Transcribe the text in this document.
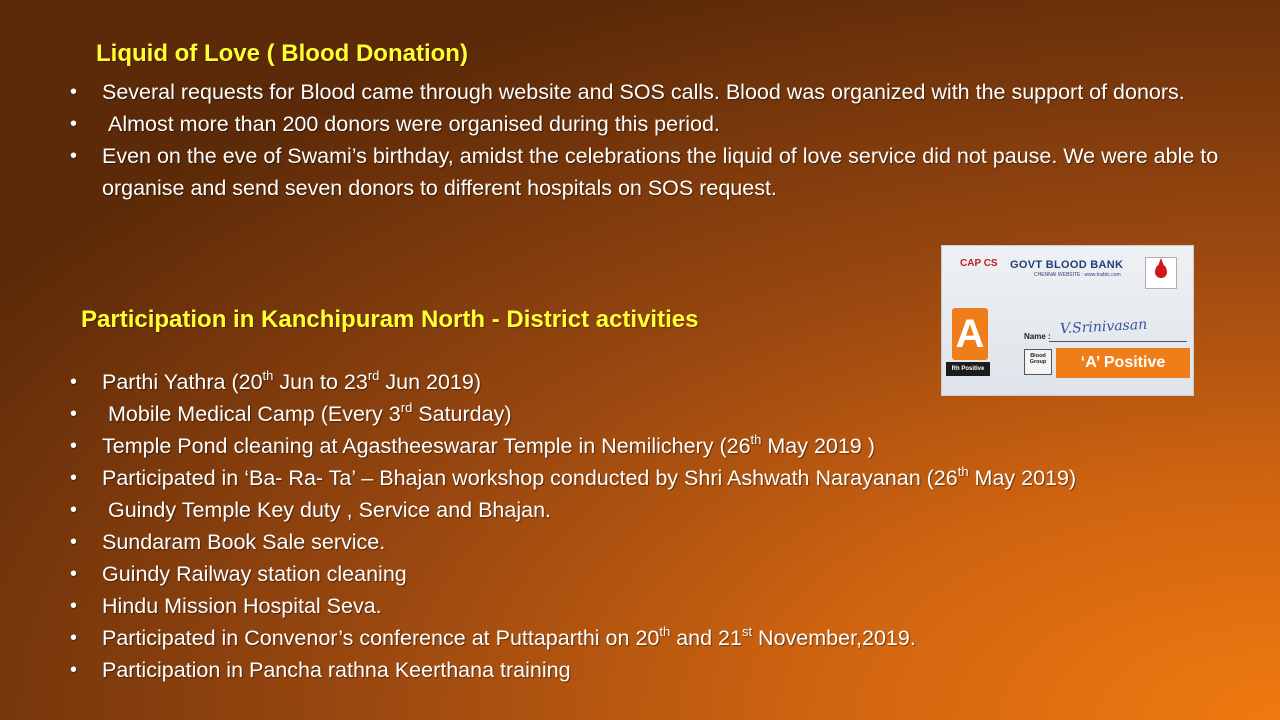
Liquid of Love ( Blood Donation)
• Several requests for Blood came through website and SOS calls. Blood was organized with the support of donors.
• Almost more than 200 donors were organised during this period.
• Even on the eve of Swami’s birthday, amidst the celebrations the liquid of love service did not pause. We were able to organise and send seven donors to different hospitals on SOS request.
CAP CS GOVT BLOOD BANK
CHENNAI WEBSITE : www.tnsbtc.com
A
Rh Positive
Name : V.Srinivasan
Blood Group	‘A’ Positive
Participation in Kanchipuram North - District activities
• Parthi Yathra (20th Jun to 23rd Jun 2019)
• Mobile Medical Camp (Every 3rd Saturday)
• Temple Pond cleaning at Agastheeswarar Temple in Nemilichery (26th May 2019 )
• Participated in ‘Ba- Ra- Ta’ – Bhajan workshop conducted by Shri Ashwath Narayanan (26th May 2019)
• Guindy Temple Key duty , Service and Bhajan.
• Sundaram Book Sale service.
• Guindy Railway station cleaning
• Hindu Mission Hospital Seva.
• Participated in Convenor’s conference at Puttaparthi on 20th and 21st November,2019.
• Participation in Pancha rathna Keerthana training
